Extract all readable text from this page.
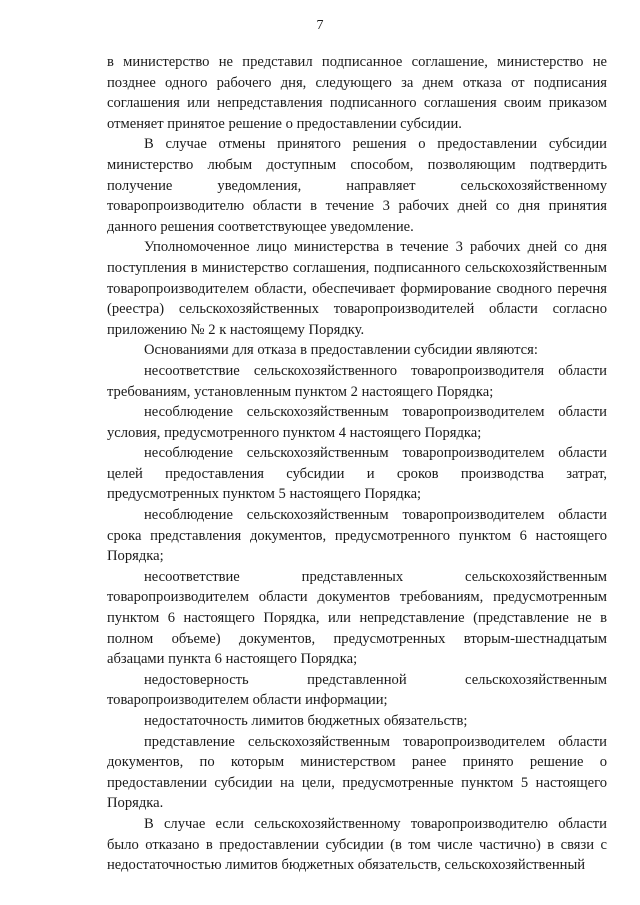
7

в министерство не представил подписанное соглашение, министерство не позднее одного рабочего дня, следующего за днем отказа от подписания соглашения или непредставления подписанного соглашения своим приказом отменяет принятое решение о предоставлении субсидии.

В случае отмены принятого решения о предоставлении субсидии министерство любым доступным способом, позволяющим подтвердить получение уведомления, направляет сельскохозяйственному товаропроизводителю области в течение 3 рабочих дней со дня принятия данного решения соответствующее уведомление.

Уполномоченное лицо министерства в течение 3 рабочих дней со дня поступления в министерство соглашения, подписанного сельскохозяйственным товаропроизводителем области, обеспечивает формирование сводного перечня (реестра) сельскохозяйственных товаропроизводителей области согласно приложению № 2 к настоящему Порядку.

Основаниями для отказа в предоставлении субсидии являются:

несоответствие сельскохозяйственного товаропроизводителя области требованиям, установленным пунктом 2 настоящего Порядка;

несоблюдение сельскохозяйственным товаропроизводителем области условия, предусмотренного пунктом 4 настоящего Порядка;

несоблюдение сельскохозяйственным товаропроизводителем области целей предоставления субсидии и сроков производства затрат, предусмотренных пунктом 5 настоящего Порядка;

несоблюдение сельскохозяйственным товаропроизводителем области срока представления документов, предусмотренного пунктом 6 настоящего Порядка;

несоответствие представленных сельскохозяйственным товаропроизводителем области документов требованиям, предусмотренным пунктом 6 настоящего Порядка, или непредставление (представление не в полном объеме) документов, предусмотренных вторым-шестнадцатым абзацами пункта 6 настоящего Порядка;

недостоверность представленной сельскохозяйственным товаропроизводителем области информации;

недостаточность лимитов бюджетных обязательств;

представление сельскохозяйственным товаропроизводителем области документов, по которым министерством ранее принято решение о предоставлении субсидии на цели, предусмотренные пунктом 5 настоящего Порядка.

В случае если сельскохозяйственному товаропроизводителю области было отказано в предоставлении субсидии (в том числе частично) в связи с недостаточностью лимитов бюджетных обязательств, сельскохозяйственный
